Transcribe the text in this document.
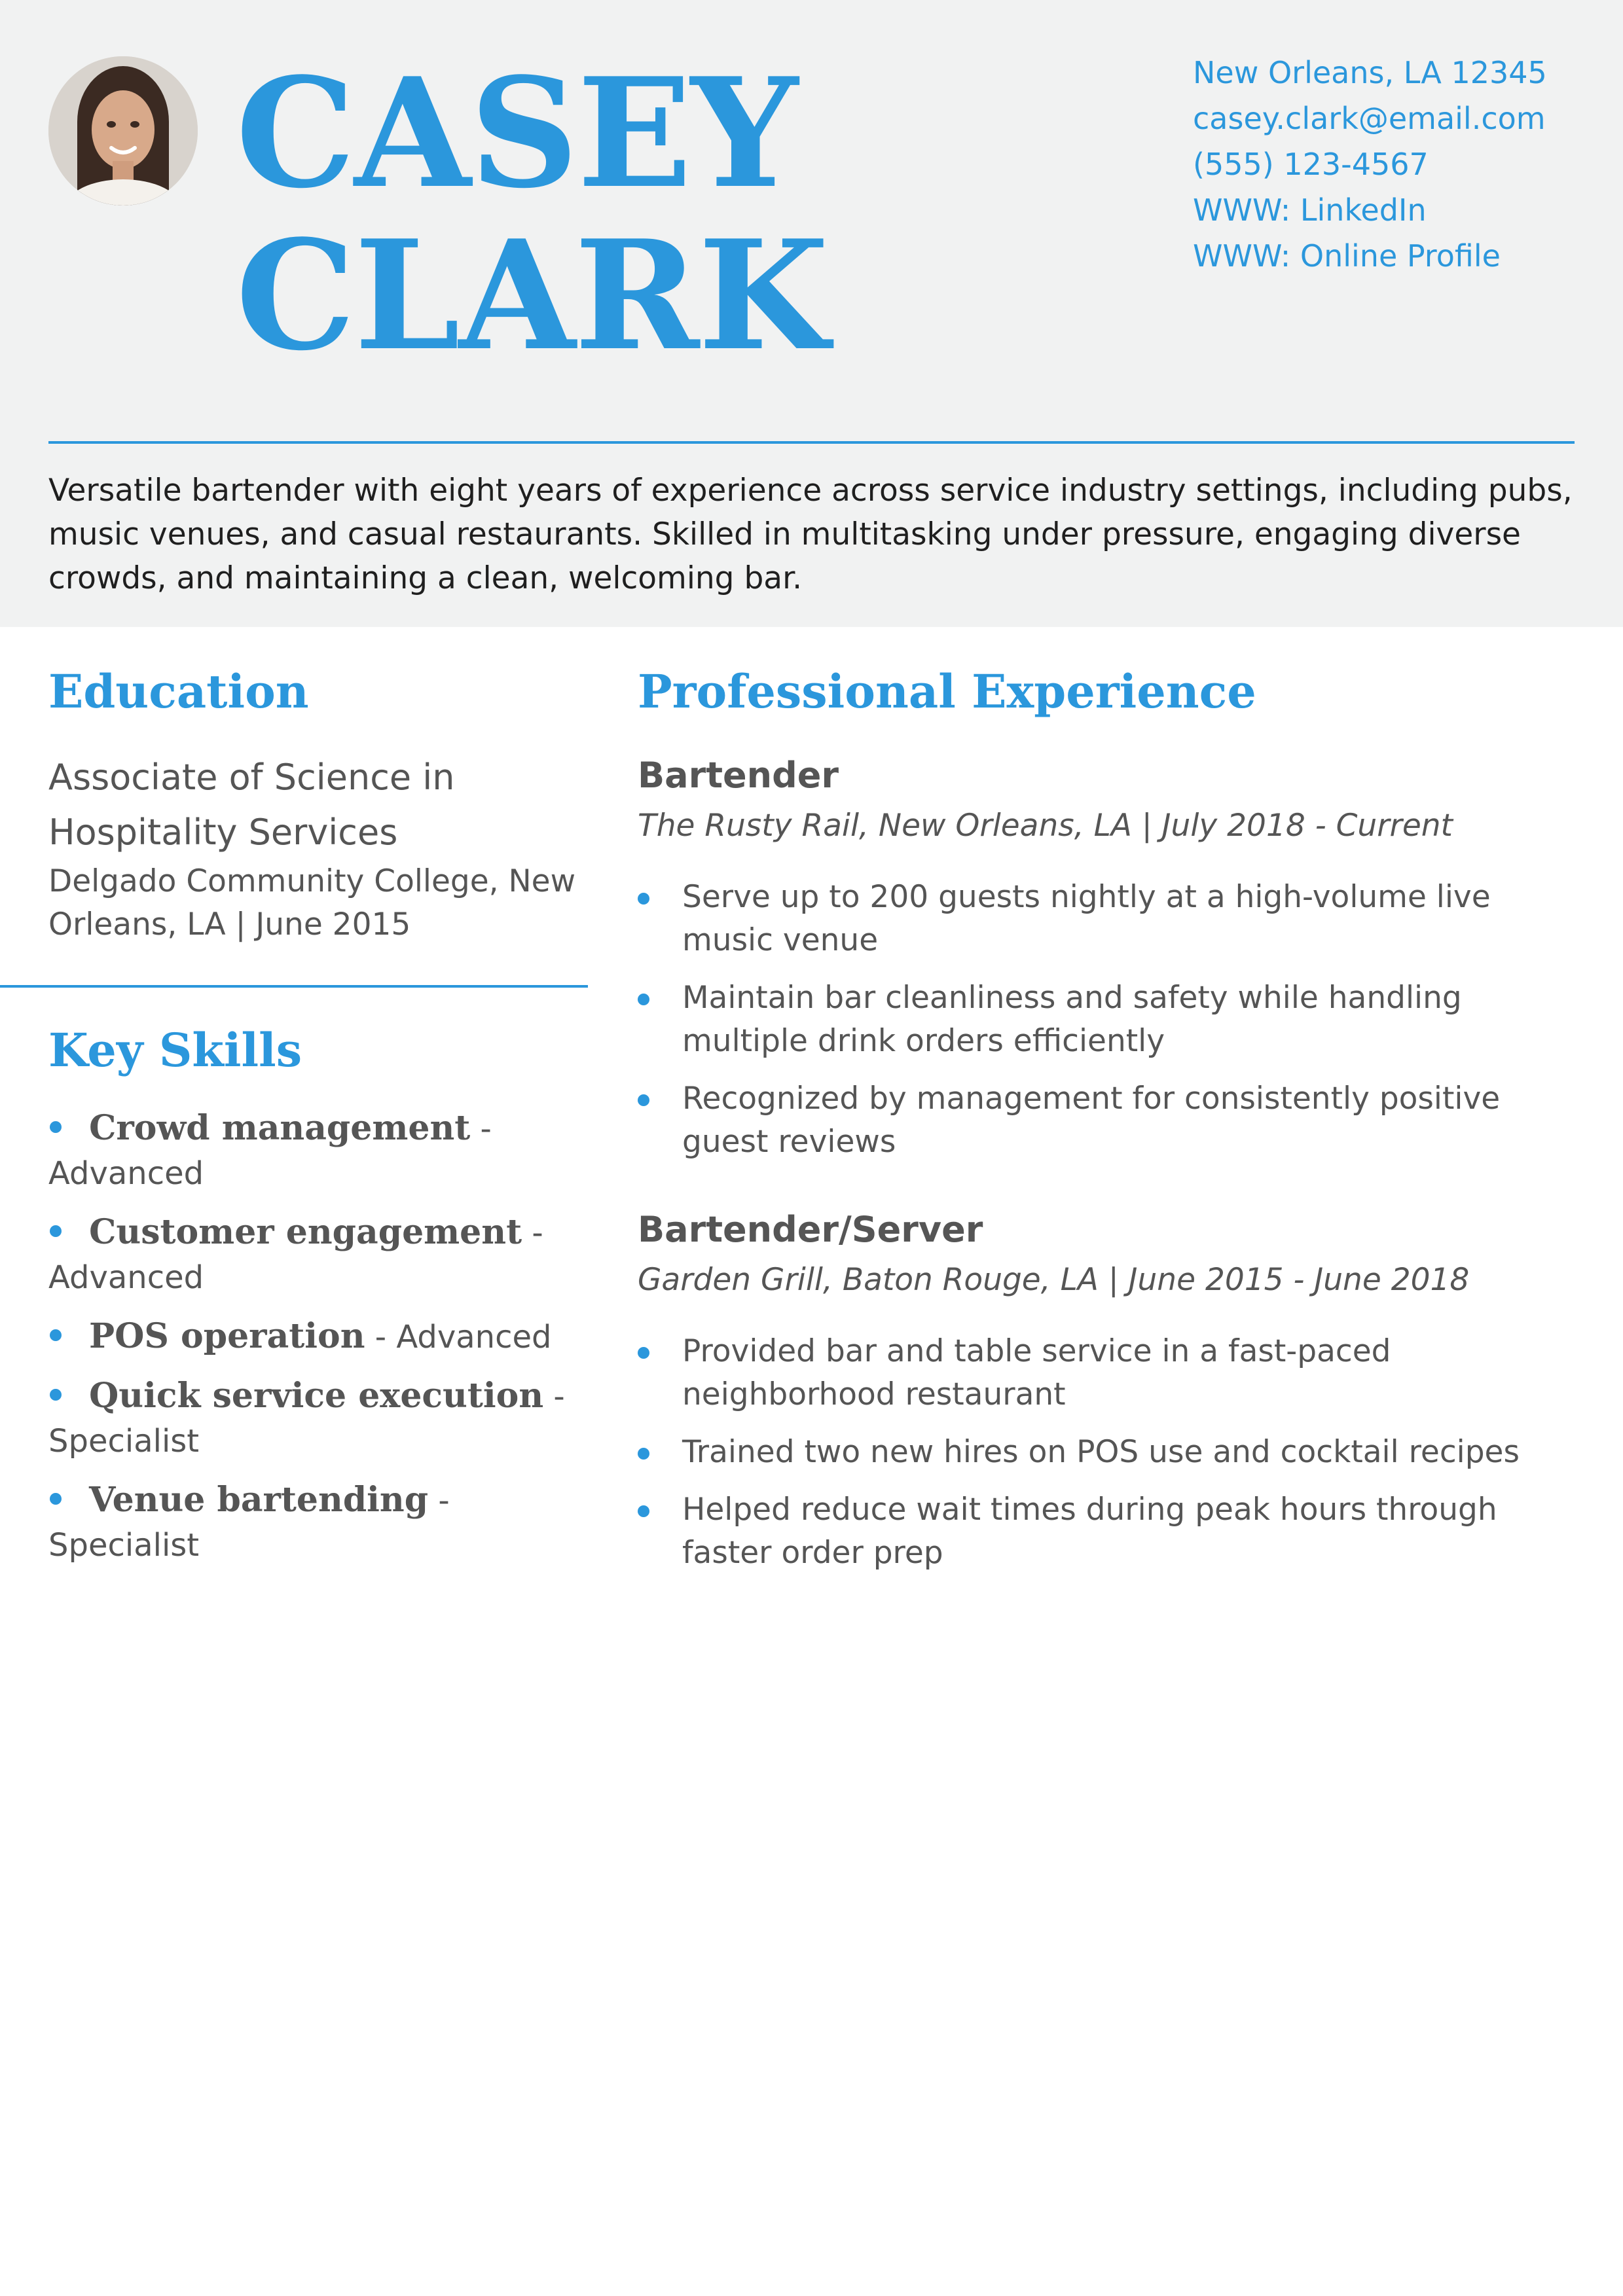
CASEY
CLARK
New Orleans, LA 12345
casey.clark@email.com
(555) 123-4567
WWW: LinkedIn
WWW: Online Profile

Versatile bartender with eight years of experience across service industry settings, including pubs, music venues, and casual restaurants. Skilled in multitasking under pressure, engaging diverse crowds, and maintaining a clean, welcoming bar.

Education
Associate of Science in Hospitality Services
Delgado Community College, New Orleans, LA | June 2015
Key Skills
Crowd management - Advanced
Customer engagement - Advanced
POS operation - Advanced
Quick service execution - Specialist
Venue bartending - Specialist
Professional Experience
Bartender

The Rusty Rail, New Orleans, LA | July 2018 - Current

Serve up to 200 guests nightly at a high-volume live music venue
Maintain bar cleanliness and safety while handling multiple drink orders efficiently
Recognized by management for consistently positive guest reviews
Bartender/Server

Garden Grill, Baton Rouge, LA | June 2015 - June 2018

Provided bar and table service in a fast-paced neighborhood restaurant
Trained two new hires on POS use and cocktail recipes
Helped reduce wait times during peak hours through faster order prep
